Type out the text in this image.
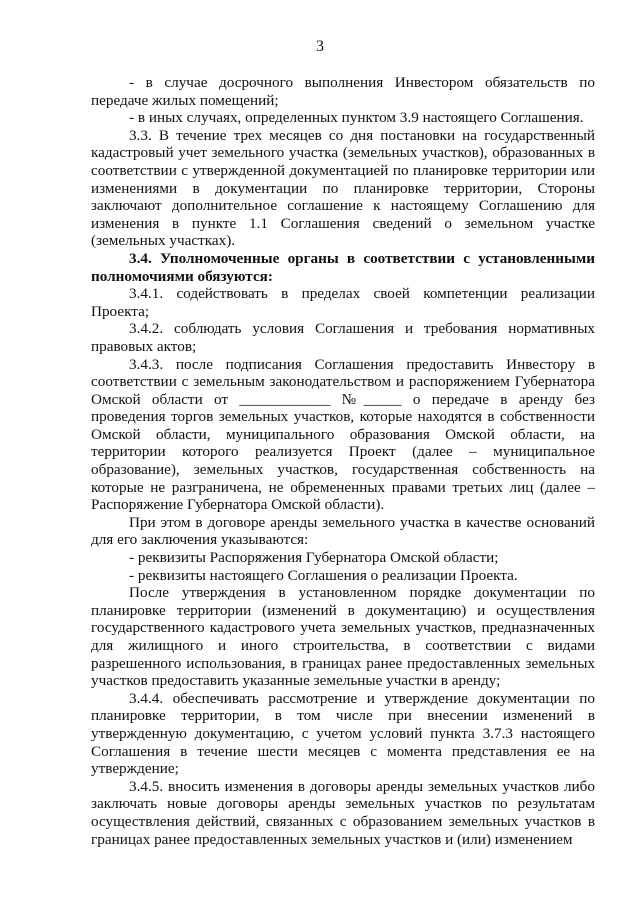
3

- в случае досрочного выполнения Инвестором обязательств по передаче жилых помещений;

- в иных случаях, определенных пунктом 3.9 настоящего Соглашения.

3.3. В течение трех месяцев со дня постановки на государственный кадастровый учет земельного участка (земельных участков), образованных в соответствии с утвержденной документацией по планировке территории или изменениями в документации по планировке территории, Стороны заключают дополнительное соглашение к настоящему Соглашению для изменения в пункте 1.1 Соглашения сведений о земельном участке (земельных участках).

3.4. Уполномоченные органы в соответствии с установленными полномочиями обязуются:

3.4.1. содействовать в пределах своей компетенции реализации Проекта;

3.4.2. соблюдать условия Соглашения и требования нормативных правовых актов;

3.4.3. после подписания Соглашения предоставить Инвестору в соответствии с земельным законодательством и распоряжением Губернатора Омской области от ____________ №_____ о передаче в аренду без проведения торгов земельных участков, которые находятся в собственности Омской области, муниципального образования Омской области, на территории которого реализуется Проект (далее – муниципальное образование), земельных участков, государственная собственность на которые не разграничена, не обремененных правами третьих лиц (далее – Распоряжение Губернатора Омской области).

При этом в договоре аренды земельного участка в качестве оснований для его заключения указываются:

- реквизиты Распоряжения Губернатора Омской области;

- реквизиты настоящего Соглашения о реализации Проекта.

После утверждения в установленном порядке документации по планировке территории (изменений в документацию) и осуществления государственного кадастрового учета земельных участков, предназначенных для жилищного и иного строительства, в соответствии с видами разрешенного использования, в границах ранее предоставленных земельных участков предоставить указанные земельные участки в аренду;

3.4.4. обеспечивать рассмотрение и утверждение документации по планировке территории, в том числе при внесении изменений в утвержденную документацию, с учетом условий пункта 3.7.3 настоящего Соглашения в течение шести месяцев с момента представления ее на утверждение;

3.4.5. вносить изменения в договоры аренды земельных участков либо заключать новые договоры аренды земельных участков по результатам осуществления действий, связанных с образованием земельных участков в границах ранее предоставленных земельных участков и (или) изменением
